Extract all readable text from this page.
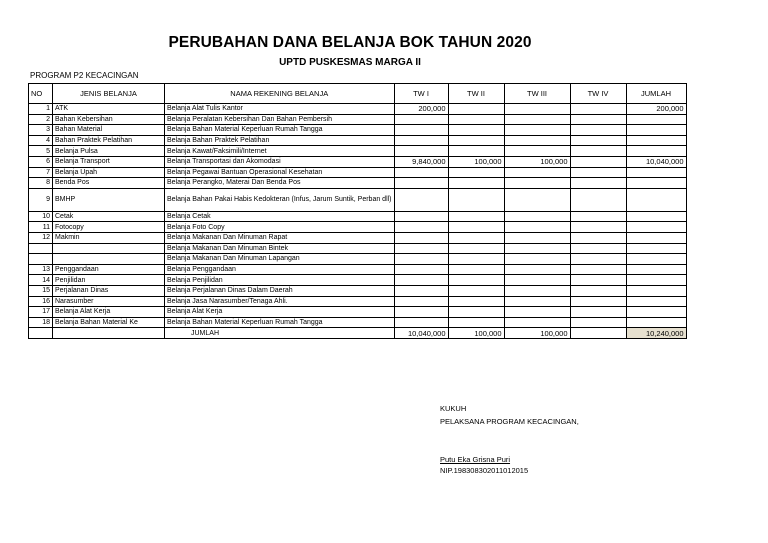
PERUBAHAN DANA BELANJA BOK TAHUN 2020
UPTD PUSKESMAS MARGA II
PROGRAM P2 KECACINGAN
NO	JENIS BELANJA	NAMA REKENING BELANJA	TW I	TW II	TW III	TW IV	JUMLAH
1	ATK	Belanja Alat Tulis Kantor	200,000				200,000
2	Bahan Kebersihan	Belanja Peralatan Kebersihan Dan Bahan Pembersih					
3	Bahan Material	Belanja Bahan Material Keperluan Rumah Tangga					
4	Bahan Praktek Pelatihan	Belanja Bahan Praktek Pelatihan					
5	Belanja Pulsa	Belanja Kawat/Faksimili/Internet					
6	Belanja Transport	Belanja Transportasi dan Akomodasi	9,840,000	100,000	100,000		10,040,000
7	Belanja Upah	Belanja Pegawai Bantuan Operasional Kesehatan					
8	Benda Pos	Belanja Perangko, Materai Dan Benda Pos					
9	BMHP	Belanja Bahan Pakai Habis Kedokteran (Infus, Jarum Suntik, Perban dll)					
10	Cetak	Belanja Cetak					
11	Fotocopy	Belanja Foto Copy					
12	Makmin	Belanja Makanan Dan Minuman Rapat					
		Belanja Makanan Dan Minuman Bintek					
		Belanja Makanan Dan Minuman Lapangan					
13	Penggandaan	Belanja Penggandaan					
14	Penjilidan	Belanja Penjilidan					
15	Perjalanan Dinas	Belanja Perjalanan Dinas Dalam Daerah					
16	Narasumber	Belanja Jasa Narasumber/Tenaga Ahli.					
17	Belanja Alat Kerja	Belanja Alat Kerja					
18	Belanja Bahan Material Ke	Belanja Bahan Material Keperluan Rumah Tangga					
		JUMLAH	10,040,000	100,000	100,000		10,240,000
KUKUH
PELAKSANA PROGRAM KECACINGAN,
Putu Eka Grisna Puri
NIP.198308302011012015
